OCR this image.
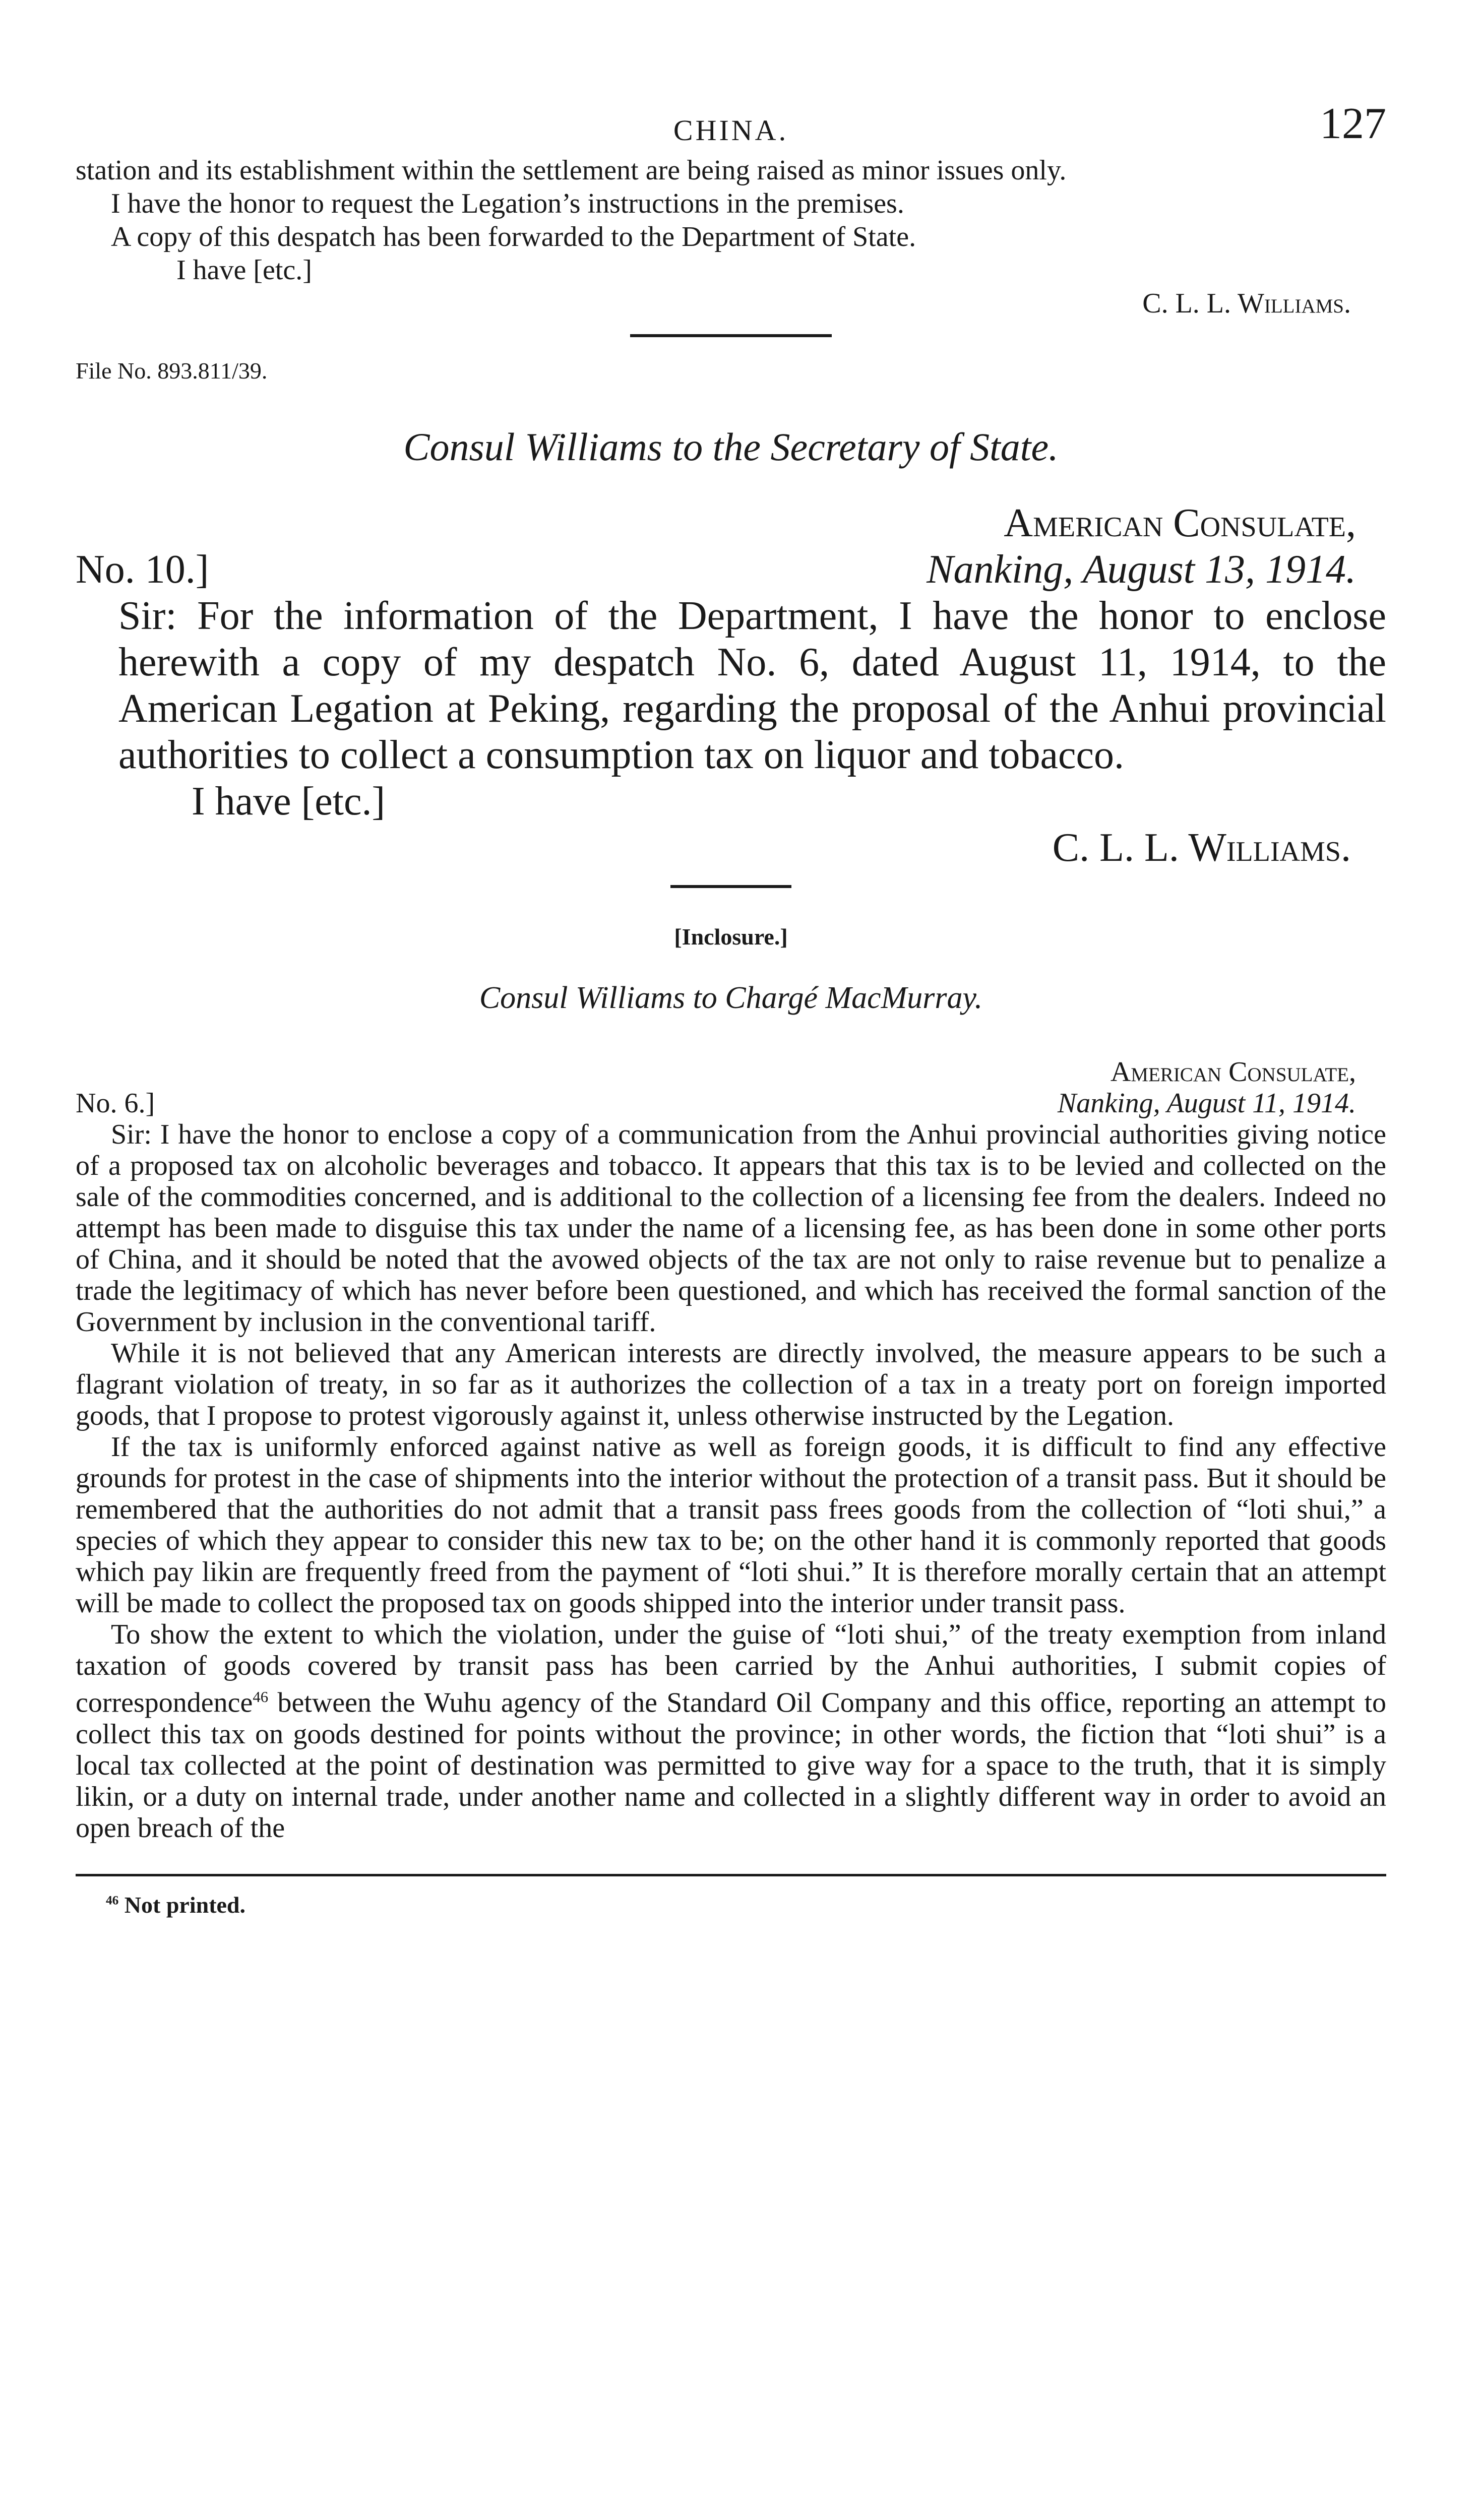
CHINA.	127

station and its establishment within the settlement are being raised as minor issues only.

I have the honor to request the Legation’s instructions in the premises.

A copy of this despatch has been forwarded to the Department of State.

I have [etc.]

C. L. L. Williams.

File No. 893.811/39.
Consul Williams to the Secretary of State.
American Consulate,
No. 10.]	Nanking, August 13, 1914.

Sir: For the information of the Department, I have the honor to enclose herewith a copy of my despatch No. 6, dated August 11, 1914, to the American Legation at Peking, regarding the proposal of the Anhui provincial authorities to collect a consumption tax on liquor and tobacco.

I have [etc.]

C. L. L. Williams.

[Inclosure.]
Consul Williams to Chargé MacMurray.
American Consulate,
No. 6.]	Nanking, August 11, 1914.

Sir: I have the honor to enclose a copy of a communication from the Anhui provincial authorities giving notice of a proposed tax on alcoholic beverages and tobacco. It appears that this tax is to be levied and collected on the sale of the commodities concerned, and is additional to the collection of a licensing fee from the dealers. Indeed no attempt has been made to disguise this tax under the name of a licensing fee, as has been done in some other ports of China, and it should be noted that the avowed objects of the tax are not only to raise revenue but to penalize a trade the legitimacy of which has never before been questioned, and which has received the formal sanction of the Government by inclusion in the conventional tariff.

While it is not believed that any American interests are directly involved, the measure appears to be such a flagrant violation of treaty, in so far as it authorizes the collection of a tax in a treaty port on foreign imported goods, that I propose to protest vigorously against it, unless otherwise instructed by the Legation.

If the tax is uniformly enforced against native as well as foreign goods, it is difficult to find any effective grounds for protest in the case of shipments into the interior without the protection of a transit pass. But it should be remembered that the authorities do not admit that a transit pass frees goods from the collection of “loti shui,” a species of which they appear to consider this new tax to be; on the other hand it is commonly reported that goods which pay likin are frequently freed from the payment of “loti shui.” It is therefore morally certain that an attempt will be made to collect the proposed tax on goods shipped into the interior under transit pass.

To show the extent to which the violation, under the guise of “loti shui,” of the treaty exemption from inland taxation of goods covered by transit pass has been carried by the Anhui authorities, I submit copies of correspondence$^{46}$ between the Wuhu agency of the Standard Oil Company and this office, reporting an attempt to collect this tax on goods destined for points without the province; in other words, the fiction that “loti shui” is a local tax collected at the point of destination was permitted to give way for a space to the truth, that it is simply likin, or a duty on internal trade, under another name and collected in a slightly different way in order to avoid an open breach of the

$^{46}$ Not printed.
